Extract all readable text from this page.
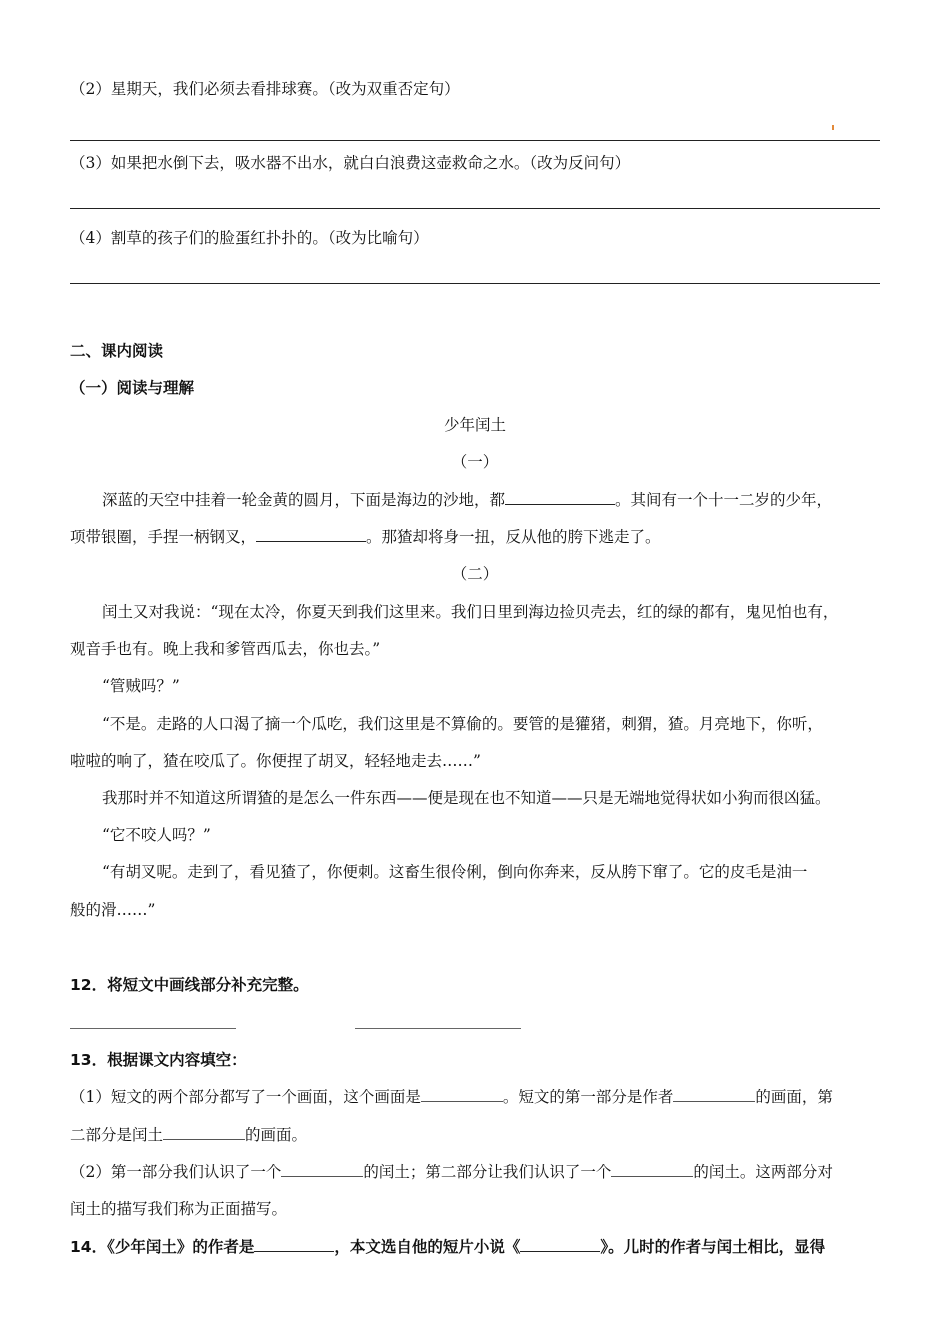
（2）星期天，我们必须去看排球赛。（改为双重否定句）
（3）如果把水倒下去，吸水器不出水，就白白浪费这壶救命之水。（改为反问句）
（4）割草的孩子们的脸蛋红扑扑的。（改为比喻句）
二、课内阅读
（一）阅读与理解
少年闰土
（一）
深蓝的天空中挂着一轮金黄的圆月，下面是海边的沙地，都	。其间有一个十一二岁的少年，
项带银圈，手捏一柄钢叉，	。那猹却将身一扭，反从他的胯下逃走了。
（二）
闰土又对我说：“现在太冷，你夏天到我们这里来。我们日里到海边捡贝壳去，红的绿的都有，鬼见怕也有，
观音手也有。晚上我和爹管西瓜去，你也去。”
“管贼吗？”
“不是。走路的人口渴了摘一个瓜吃，我们这里是不算偷的。要管的是獾猪，刺猬，猹。月亮地下，你听，
啦啦的响了，猹在咬瓜了。你便捏了胡叉，轻轻地走去……”
我那时并不知道这所谓猹的是怎么一件东西——便是现在也不知道——只是无端地觉得状如小狗而很凶猛。
“它不咬人吗？”
“有胡叉呢。走到了，看见猹了，你便刺。这畜生很伶俐，倒向你奔来，反从胯下窜了。它的皮毛是油一
般的滑……”
12．将短文中画线部分补充完整。
13．根据课文内容填空：
（1）短文的两个部分都写了一个画面，这个画面是	。短文的第一部分是作者	的画面，第
二部分是闰土	的画面。
（2）第一部分我们认识了一个	的闰土；第二部分让我们认识了一个	的闰土。这两部分对
闰土的描写我们称为正面描写。
14．《少年闰土》的作者是	，本文选自他的短片小说《	》。儿时的作者与闰土相比，显得
